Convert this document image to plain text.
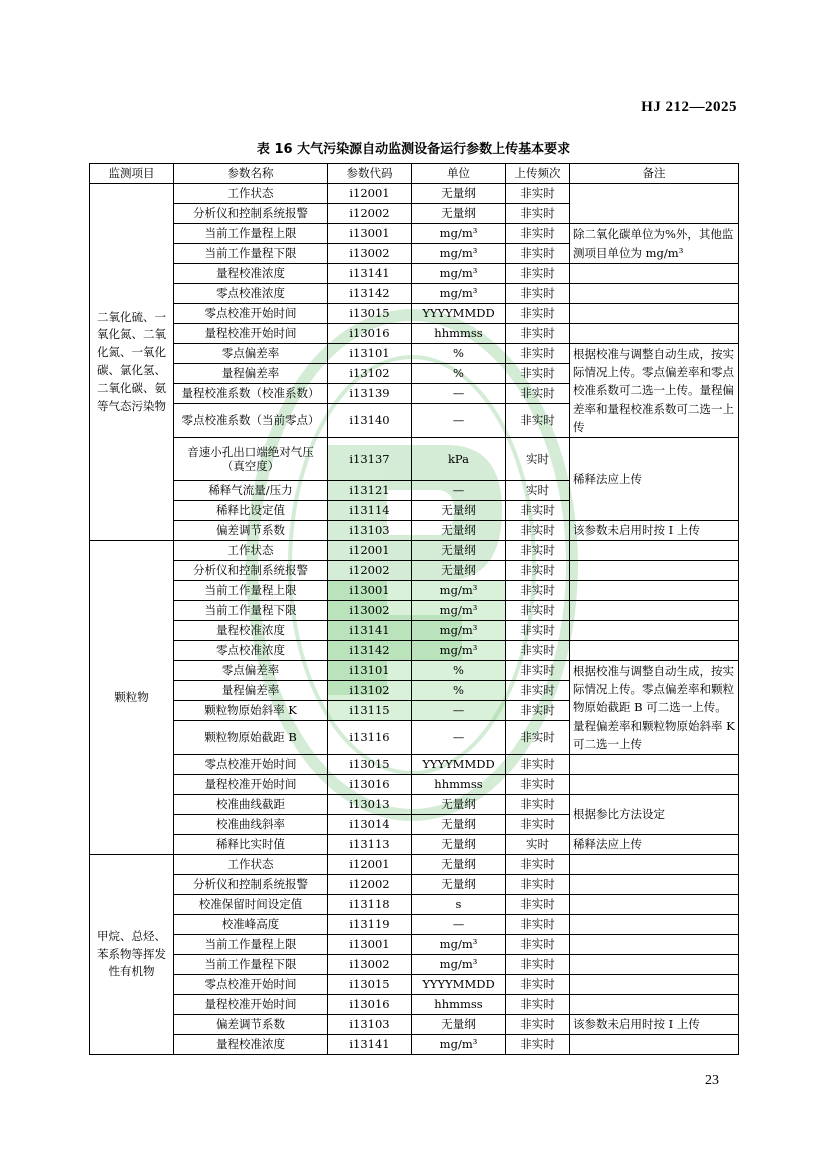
HJ 212—2025
表 16 大气污染源自动监测设备运行参数上传基本要求
监测项目	参数名称	参数代码	单位	上传频次	备注
二氧化硫、一氧化氮、二氧化氮、一氧化碳、氯化氢、二氧化碳、氨等气态污染物	工作状态	i12001	无量纲	非实时	
	分析仪和控制系统报警	i12002	无量纲	非实时	
	当前工作量程上限	i13001	mg/m³	非实时	除二氧化碳单位为%外，其他监测项目单位为 mg/m³
	当前工作量程下限	i13002	mg/m³	非实时	
	量程校准浓度	i13141	mg/m³	非实时	
	零点校准浓度	i13142	mg/m³	非实时	
	零点校准开始时间	i13015	YYYYMMDD	非实时	
	量程校准开始时间	i13016	hhmmss	非实时	
	零点偏差率	i13101	%	非实时	根据校准与调整自动生成，按实际情况上传。零点偏差率和零点校准系数可二选一上传。量程偏差率和量程校准系数可二选一上传
	量程偏差率	i13102	%	非实时	
	量程校准系数（校准系数）	i13139	—	非实时	
	零点校准系数（当前零点）	i13140	—	非实时	
	音速小孔出口端绝对气压（真空度）	i13137	kPa	实时	稀释法应上传
	稀释气流量/压力	i13121	—	实时	
	稀释比设定值	i13114	无量纲	非实时	
	偏差调节系数	i13103	无量纲	非实时	该参数未启用时按 I 上传
颗粒物	工作状态	i12001	无量纲	非实时	
	分析仪和控制系统报警	i12002	无量纲	非实时	
	当前工作量程上限	i13001	mg/m³	非实时	
	当前工作量程下限	i13002	mg/m³	非实时	
	量程校准浓度	i13141	mg/m³	非实时	
	零点校准浓度	i13142	mg/m³	非实时	
	零点偏差率	i13101	%	非实时	根据校准与调整自动生成，按实际情况上传。零点偏差率和颗粒物原始截距 B 可二选一上传。量程偏差率和颗粒物原始斜率 K 可二选一上传
	量程偏差率	i13102	%	非实时	
	颗粒物原始斜率 K	i13115	—	非实时	
	颗粒物原始截距 B	i13116	—	非实时	
	零点校准开始时间	i13015	YYYYMMDD	非实时	
	量程校准开始时间	i13016	hhmmss	非实时	
	校准曲线截距	i13013	无量纲	非实时	根据参比方法设定
	校准曲线斜率	i13014	无量纲	非实时	
	稀释比实时值	i13113	无量纲	实时	稀释法应上传
甲烷、总烃、苯系物等挥发性有机物	工作状态	i12001	无量纲	非实时	
	分析仪和控制系统报警	i12002	无量纲	非实时	
	校准保留时间设定值	i13118	s	非实时	
	校准峰高度	i13119	—	非实时	
	当前工作量程上限	i13001	mg/m³	非实时	
	当前工作量程下限	i13002	mg/m³	非实时	
	零点校准开始时间	i13015	YYYYMMDD	非实时	
	量程校准开始时间	i13016	hhmmss	非实时	
	偏差调节系数	i13103	无量纲	非实时	该参数未启用时按 I 上传
	量程校准浓度	i13141	mg/m³	非实时	
23
